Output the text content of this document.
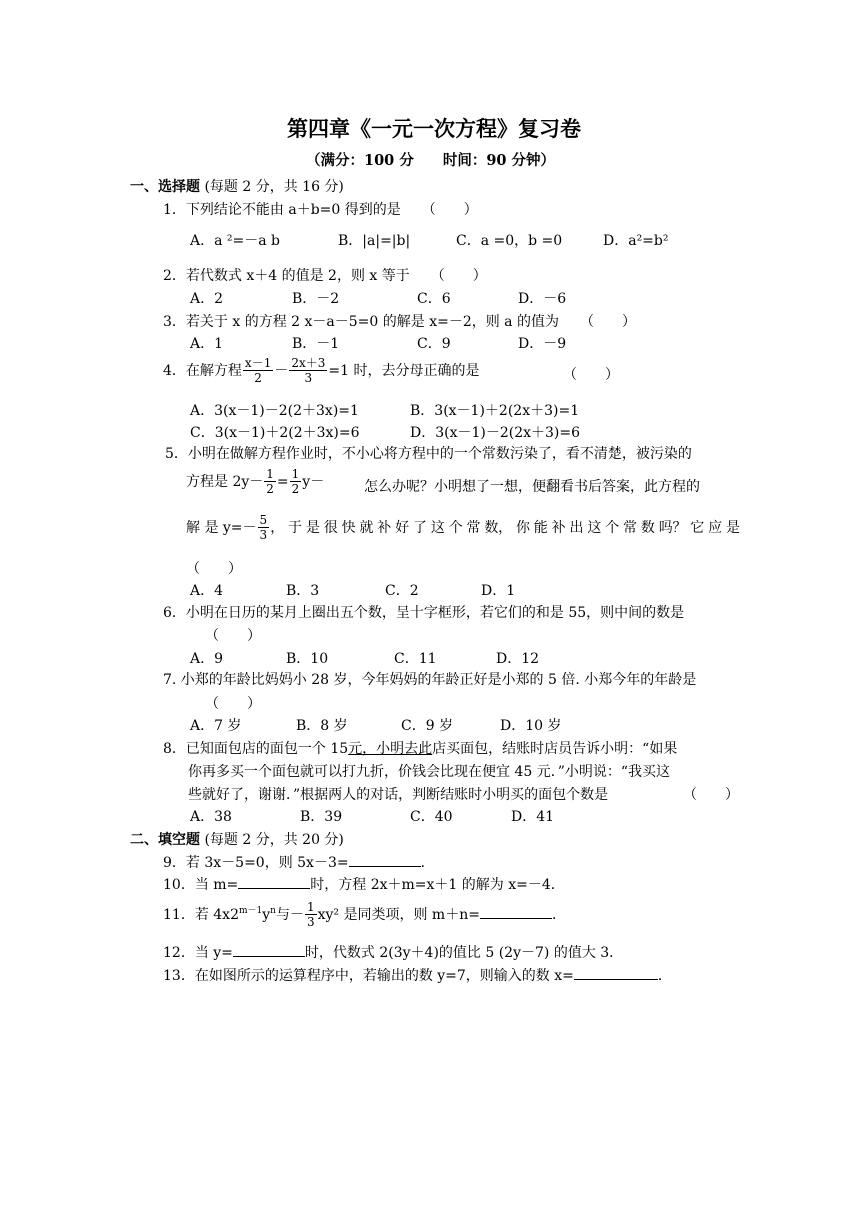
第四章《一元一次方程》复习卷
（满分：100 分　　时间：90 分钟）
一、选择题 (每题 2 分，共 16 分)
1．下列结论不能由 a＋b=0 得到的是　　（　　）
A．a ²=－a b	B．|a|=|b|	C．a =0，b =0	D．a²=b²
2．若代数式 x＋4 的值是 2，则 x 等于　　（　　）
A．2	B．－2	C．6	D．－6
3．若关于 x 的方程 2 x－a－5=0 的解是 x=－2，则 a 的值为　　（　　）
A．1	B．－1	C．9	D．－9
4．在解方程 $\frac{x-1}{2} - \frac{2x+3}{3} =1$ 时，去分母正确的是	（　　）
A．3(x－1)－2(2＋3x)=1	B．3(x－1)＋2(2x＋3)=1
C．3(x－1)＋2(2＋3x)=6	D．3(x－1)－2(2x＋3)=6
5．小明在做解方程作业时，不小心将方程中的一个常数污染了，看不清楚，被污染的
方程是 $2y- \frac{1}{2} = \frac{1}{2} y-$	怎么办呢？小明想了一想，便翻看书后答案，此方程的
解 是 $y=- \frac{5}{3}$ ， 于 是 很 快 就 补 好 了 这 个 常 数， 你 能 补 出 这 个 常 数 吗？ 它 应 是
（　　）
A．4	B．3	C．2	D．1
6．小明在日历的某月上圈出五个数，呈十字框形，若它们的和是 55，则中间的数是
（　　）
A．9	B．10	C．11	D．12
7. 小郑的年龄比妈妈小 28 岁，今年妈妈的年龄正好是小郑的 5 倍. 小郑今年的年龄是
（　　）
A．7 岁	B．8 岁	C．9 岁	D．10 岁
8．已知面包店的面包一个 15元，小明去此店买面包，结账时店员告诉小明：“如果
你再多买一个面包就可以打九折，价钱会比现在便宜 45 元．”小明说：“我买这
些就好了，谢谢．”根据两人的对话，判断结账时小明买的面包个数是	（　　）
A．38	B．39	C．40	D．41
二、填空题 (每题 2 分，共 20 分)
9．若 3x－5=0，则 5x－3=	．
10．当 m=	时，方程 2x＋m=x＋1 的解为 x=－4．
11．若 $4x2^{m-1}y^n$与－ $\frac{1}{3} xy^2$ 是同类项，则 m＋n=	．
12．当 y=	时，代数式 2(3y＋4)的值比 5 (2y－7) 的值大 3．
13．在如图所示的运算程序中，若输出的数 y=7，则输入的数 x=	．
